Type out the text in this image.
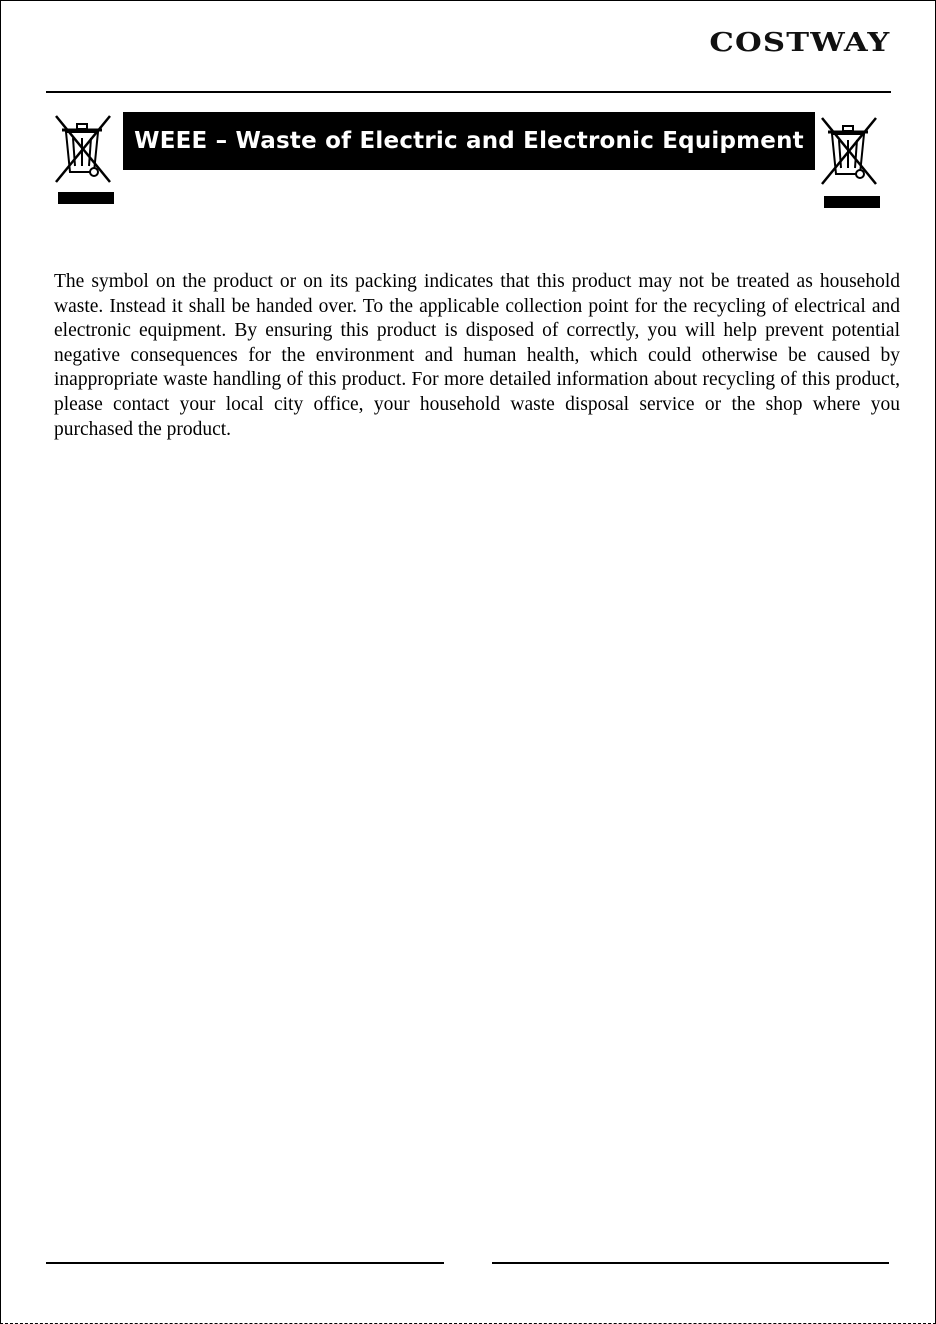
COSTWAY
WEEE – Waste of Electric and Electronic Equipment

The symbol on the product or on its packing indicates that this product may not be treated as household waste. Instead it shall be handed over. To the applicable collection point for the recycling of electrical and electronic equipment. By ensuring this product is disposed of correctly, you will help prevent potential negative consequences for the environment and human health, which could otherwise be caused by inappropriate waste handling of this product. For more detailed information about recycling of this product, please contact your local city office, your household waste disposal service or the shop where you purchased the product.
